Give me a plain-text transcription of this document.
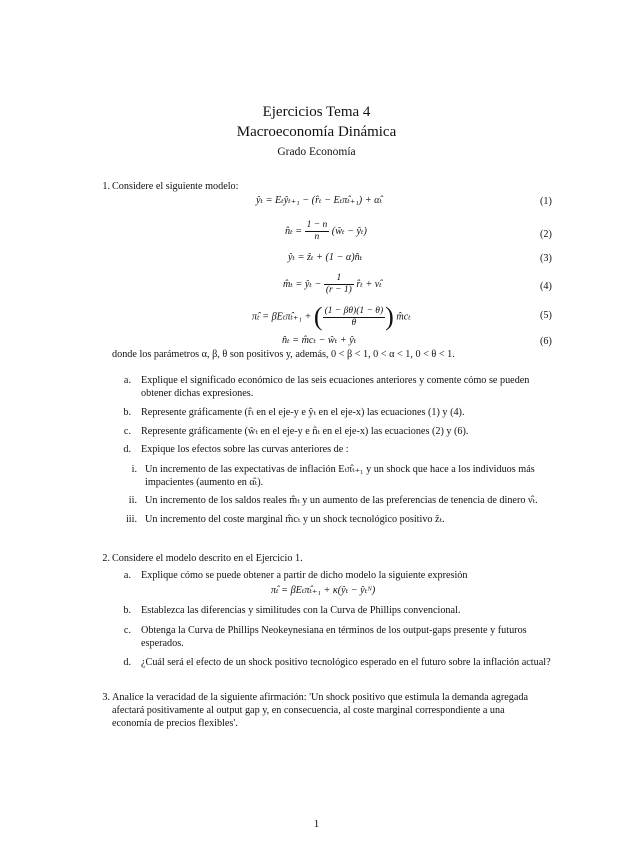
Ejercicios Tema 4
Macroeconomía Dinámica
Grado Economía
1. Considere el siguiente modelo:
ŷₜ = Eₜŷₜ₊₁ − (r̂ₜ − Eₜπ̂ₜ₊₁) + α̂ₜ	(1)
n̂ₜ = $\frac{1 - n}{n}$ (ŵₜ − ŷₜ)	(2)
ŷₜ = ẑₜ + (1 − α)n̂ₜ	(3)
m̂ₜ = ŷₜ − $\frac{1}{(r - 1)}$ r̂ₜ + ν̂ₜ	(4)
π̂ₜ = βEₜπ̂ₜ₊₁ + ( $\frac{(1 - \beta\theta)(1 - \theta)}{\theta}$ ) m̂cₜ	(5)
n̂ₜ = m̂cₜ − ŵₜ + ŷₜ	(6)
donde los parámetros α, β, θ son positivos y, además, 0 < β < 1, 0 < α < 1, 0 < θ < 1.
a. Explique el significado económico de las seis ecuaciones anteriores y comente cómo se pueden obtener dichas expresiones.
b. Represente gráficamente (r̂ₜ en el eje-y e ŷₜ en el eje-x) las ecuaciones (1) y (4).
c. Represente gráficamente (ŵₜ en el eje-y e n̂ₜ en el eje-x) las ecuaciones (2) y (6).
d. Expique los efectos sobre las curvas anteriores de :
i. Un incremento de las expectativas de inflación Eₜπ̂ₜ₊₁ y un shock que hace a los individuos más
impacientes (aumento en α̂ₜ).
ii. Un incremento de los saldos reales m̂ₜ y un aumento de las preferencias de tenencia de dinero ν̂ₜ.
iii. Un incremento del coste marginal m̂cₜ y un shock tecnológico positivo ẑₜ.
2. Considere el modelo descrito en el Ejercicio 1.
a. Explique cómo se puede obtener a partir de dicho modelo la siguiente expresión
π̂ₜ = βEₜπ̂ₜ₊₁ + κ(ŷₜ − ŷₜᴺ)
b. Establezca las diferencias y similitudes con la Curva de Phillips convencional.
c. Obtenga la Curva de Phillips Neokeynesiana en términos de los output-gaps presente y futuros esperados.
d. ¿Cuál será el efecto de un shock positivo tecnológico esperado en el futuro sobre la inflación actual?
3. Analice la veracidad de la siguiente afirmación: 'Un shock positivo que estimula la demanda agregada afectará positivamente al output gap y, en consecuencia, al coste marginal correspondiente a una economía de precios flexibles'.
1
